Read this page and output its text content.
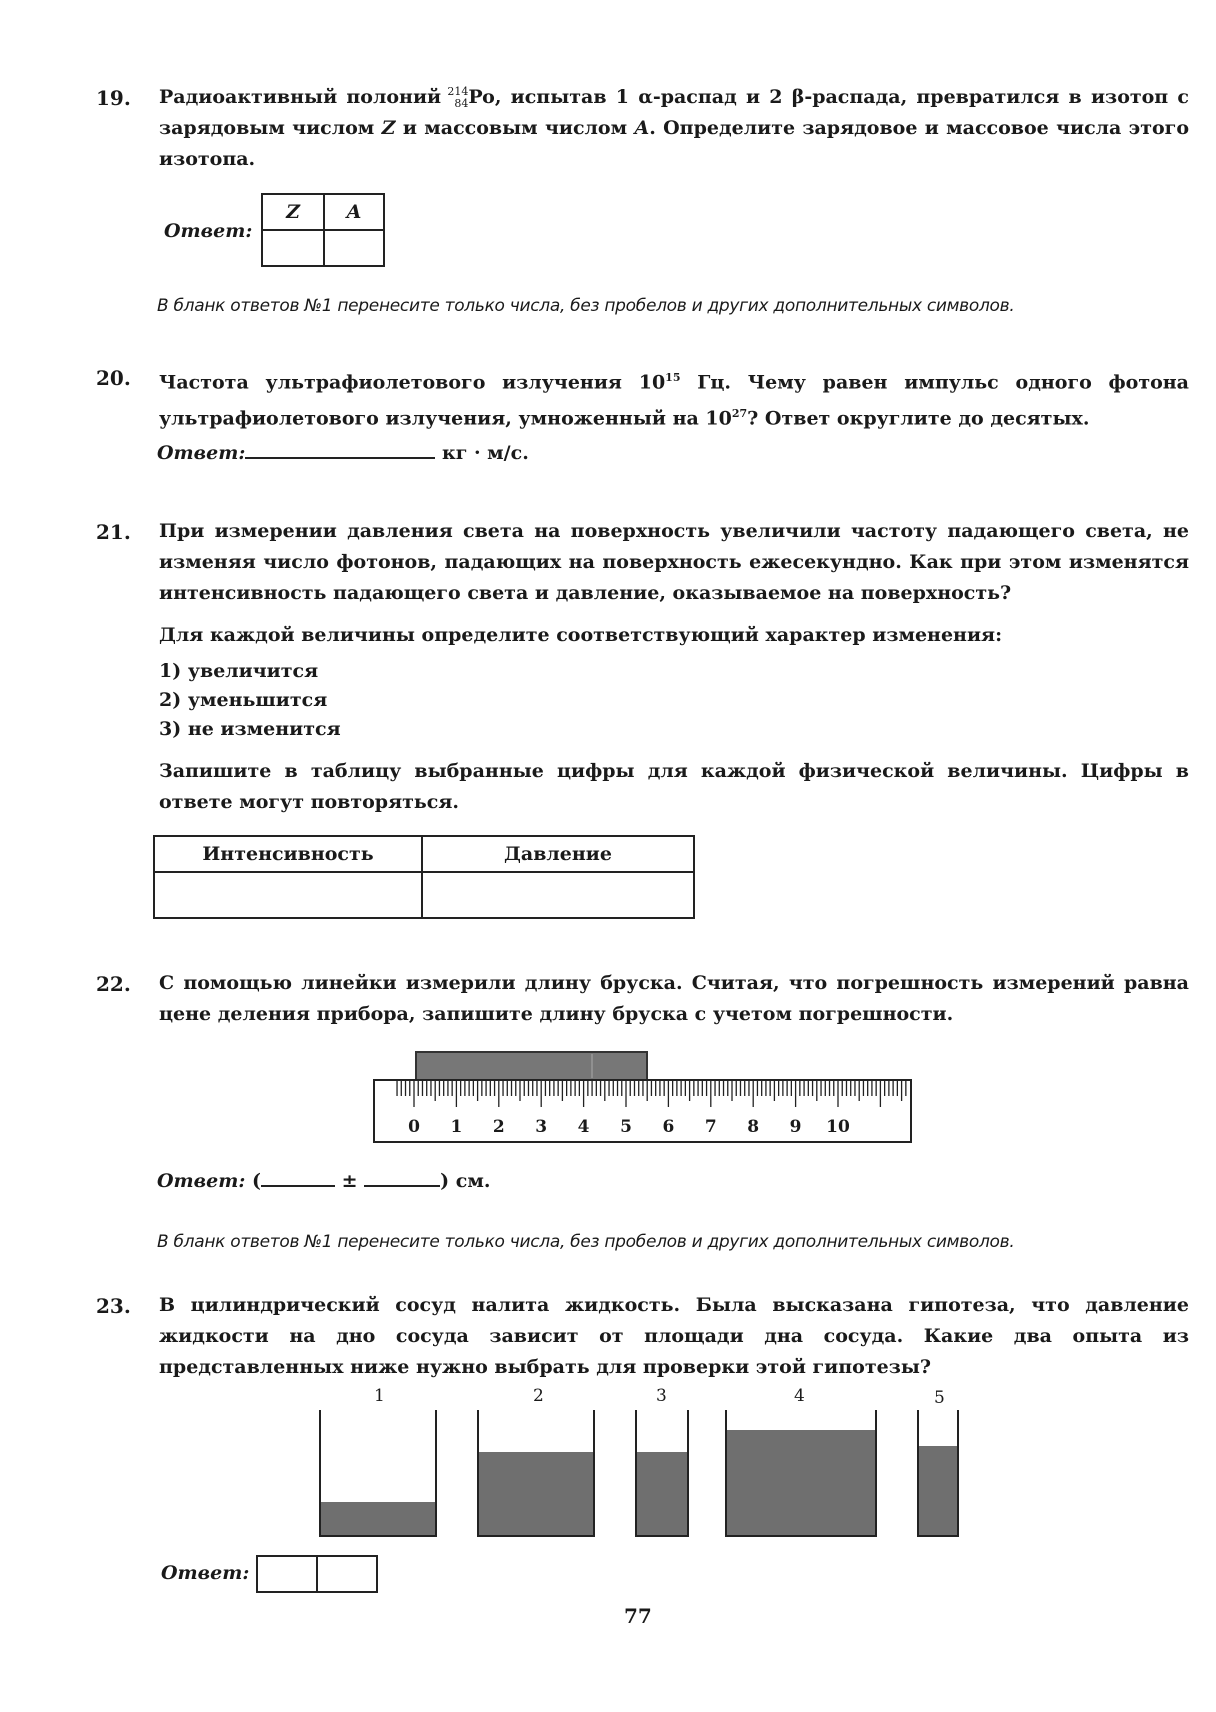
19. Радиоактивный полоний 214
84 Po, испытав 1 α-распад и 2 β-распада, превратился в изотоп с зарядовым числом Z и массовым числом A. Определите зарядовое и массовое числа этого изотопа.
Ответ:
Z	A

В бланк ответов №1 перенесите только числа, без пробелов и других дополнительных символов.
20. Частота ультрафиолетового излучения $10^{15}$ Гц. Чему равен импульс одного фотона ультрафиолетового излучения, умноженный на $10^{27}$? Ответ округлите до десятых.
Ответ:	кг · м/с.
21. При измерении давления света на поверхность увеличили частоту падающего света, не изменяя число фотонов, падающих на поверхность ежесекундно. Как при этом изменятся интенсивность падающего света и давление, оказываемое на поверхность?
Для каждой величины определите соответствующий характер изменения:
1) увеличится
2) уменьшится
3) не изменится
Запишите в таблицу выбранные цифры для каждой физической величины. Цифры в ответе могут повторяться.
Интенсивность	Давление

22. С помощью линейки измерили длину бруска. Считая, что погрешность измерений равна цене деления прибора, запишите длину бруска с учетом погрешности.
0 1 2 3 4 5 6 7 8 9 10
Ответ: (	±	) см.
В бланк ответов №1 перенесите только числа, без пробелов и других дополнительных символов.
23. В цилиндрический сосуд налита жидкость. Была высказана гипотеза, что давление жидкости на дно сосуда зависит от площади дна сосуда. Какие два опыта из представленных ниже нужно выбрать для проверки этой гипотезы?
1	2	3	4	5
Ответ:

77
